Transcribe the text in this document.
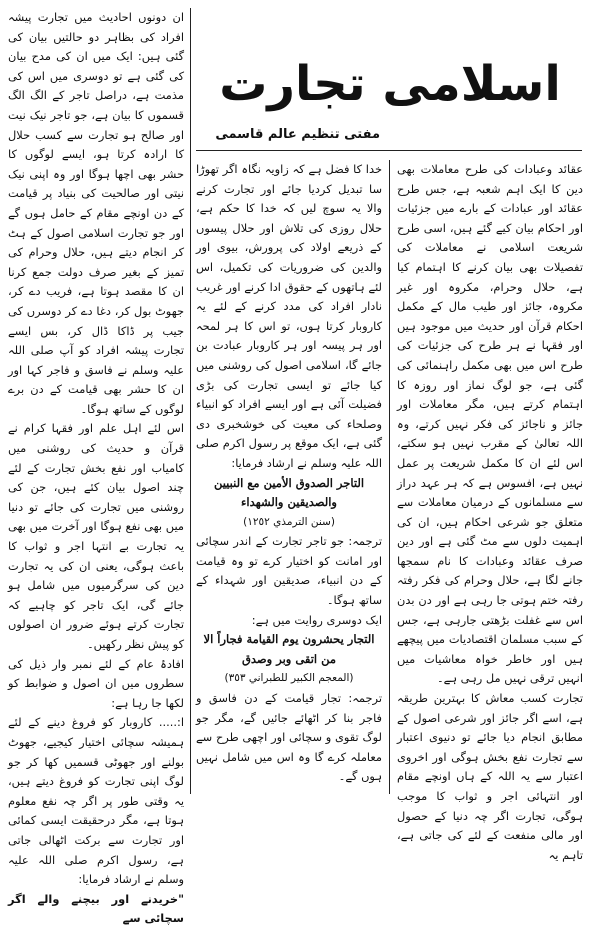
اسلامی تجارت
مفتی تنظیم عالم قاسمی

عقائد وعبادات کی طرح معاملات بھی دین کا ایک اہم شعبہ ہے، جس طرح عقائد اور عبادات کے بارے میں جزئیات اور احکام بیان کیے گئے ہیں، اسی طرح شریعت اسلامی نے معاملات کی تفصیلات بھی بیان کرنے کا اہتمام کیا ہے، حلال وحرام، مکروہ اور غیر مکروہ، جائز اور طیب مال کے مکمل احکام قرآن اور حدیث میں موجود ہیں اور فقہا نے ہر طرح کی جزئیات کی طرح اس میں بھی مکمل راہنمائی کی گئی ہے، جو لوگ نماز اور روزہ کا اہتمام کرتے ہیں، مگر معاملات اور جائز و ناجائز کی فکر نہیں کرتے، وہ اللہ تعالیٰ کے مقرب نہیں ہو سکتے، اس لئے ان کا مکمل شریعت پر عمل نہیں ہے، افسوس ہے کہ ہر عہد دراز سے مسلمانوں کے درمیان معاملات سے متعلق جو شرعی احکام ہیں، ان کی اہمیت دلوں سے مٹ گئی ہے اور دین صرف عقائد وعبادات کا نام سمجھا جانے لگا ہے، حلال وحرام کی فکر رفتہ رفتہ ختم ہوتی جا رہی ہے اور دن بدن اس سے غفلت بڑھتی جارہی ہے، جس کے سبب مسلمان اقتصادیات میں پیچھے ہیں اور خاطر خواہ معاشیات میں انہیں ترقی نہیں مل رہی ہے۔

تجارت کسب معاش کا بہترین طریقہ ہے، اسے اگر جائز اور شرعی اصول کے مطابق انجام دیا جائے تو دنیوی اعتبار سے تجارت نفع بخش ہوگی اور اخروی اعتبار سے یہ اللہ کے ہاں اونچے مقام اور انتہائی اجر و ثواب کا موجب ہوگی، تجارت اگر چہ دنیا کے حصول اور مالی منفعت کے لئے کی جاتی ہے، تاہم یہ

خدا کا فضل ہے کہ زاویہ نگاہ اگر تھوڑا سا تبدیل کردیا جائے اور تجارت کرنے والا یہ سوچ لیں کہ خدا کا حکم ہے، حلال روزی کی تلاش اور حلال پیسوں کے ذریعے اولاد کی پرورش، بیوی اور والدین کی ضروریات کی تکمیل، اس لئے ہاتھوں کے حقوق ادا کرنے اور غریب نادار افراد کی مدد کرنے کے لئے یہ کاروبار کرتا ہوں، تو اس کا ہر لمحہ اور ہر پیسہ اور ہر کاروبار عبادت بن جائے گا، اسلامی اصول کی روشنی میں کیا جائے تو ایسی تجارت کی بڑی فضیلت آئی ہے اور ایسے افراد کو انبیاء وصلحاء کی معیت کی خوشخبری دی گئی ہے، ایک موقع پر رسول اکرم صلی اللہ علیہ وسلم نے ارشاد فرمایا:

التاجر الصدوق الأمين مع النبيين والصديقين والشهداء
(سنن الترمذي ١٢٥٢)

ترجمہ: جو تاجر تجارت کے اندر سچائی اور امانت کو اختیار کرے تو وہ قیامت کے دن انبیاء، صدیقین اور شہداء کے ساتھ ہوگا۔

ایک دوسری روایت میں ہے:

التجار يحشرون يوم القيامة فجاراً الا من اتقى وبر وصدق
(المعجم الكبير للطبراني ٣٥٣)

ترجمہ: تجار قیامت کے دن فاسق و فاجر بنا کر اٹھائے جائیں گے، مگر جو لوگ تقوی و سچائی اور اچھی طرح سے معاملہ کرے گا وہ اس میں شامل نہیں ہوں گے۔

ان دونوں احادیث میں تجارت پیشہ افراد کی بظاہر دو حالتیں بیان کی گئی ہیں: ایک میں ان کی مدح بیان کی گئی ہے تو دوسری میں اس کی مذمت ہے، دراصل تاجر کے الگ الگ قسموں کا بیان ہے، جو تاجر نیک نیت اور صالح ہو تجارت سے کسب حلال کا ارادہ کرتا ہو، ایسے لوگوں کا حشر بھی اچھا ہوگا اور وہ اپنی نیک نیتی اور صالحیت کی بنیاد پر قیامت کے دن اونچے مقام کے حامل ہوں گے اور جو تجارت اسلامی اصول کے ہٹ کر انجام دیتے ہیں، حلال وحرام کی تمیز کے بغیر صرف دولت جمع کرنا ان کا مقصد ہوتا ہے، فریب دے کر، جھوٹ بول کر، دغا دے کر دوسرں کی جیب پر ڈاکا ڈال کر، بس ایسے تجارت پیشہ افراد کو آپ صلی اللہ علیہ وسلم نے فاسق و فاجر کہا اور ان کا حشر بھی قیامت کے دن برے لوگوں کے ساتھ ہوگا۔

اس لئے اہل علم اور فقہا کرام نے قرآن و حدیث کی روشنی میں کامیاب اور نفع بخش تجارت کے لئے چند اصول بیان کئے ہیں، جن کی روشنی میں تجارت کی جائے تو دنیا میں بھی نفع ہوگا اور آخرت میں بھی یہ تجارت بے انتہا اجر و ثواب کا باعث ہوگی، یعنی ان کی یہ تجارت دین کی سرگرمیوں میں شامل ہو جائے گی، ایک تاجر کو چاہیے کہ تجارت کرتے ہوئے ضرور ان اصولوں کو پیش نظر رکھیں۔

افادۂ عام کے لئے نمبر وار ذیل کی سطروں میں ان اصول و ضوابط کو لکھا جا رہا ہے:

ا:..... کاروبار کو فروغ دینے کے لئے ہمیشہ سچائی اختیار کیجیے، جھوٹ بولنے اور جھوٹی قسمیں کھا کر جو لوگ اپنی تجارت کو فروغ دیتے ہیں، یہ وقتی طور پر اگر چہ نفع معلوم ہوتا ہے، مگر درحقیقت ایسی کمائی اور تجارت سے برکت اٹھالی جاتی ہے، رسول اکرم صلی اللہ علیہ وسلم نے ارشاد فرمایا:

"خریدنے اور بیچنے والے اگر سچائی سے
